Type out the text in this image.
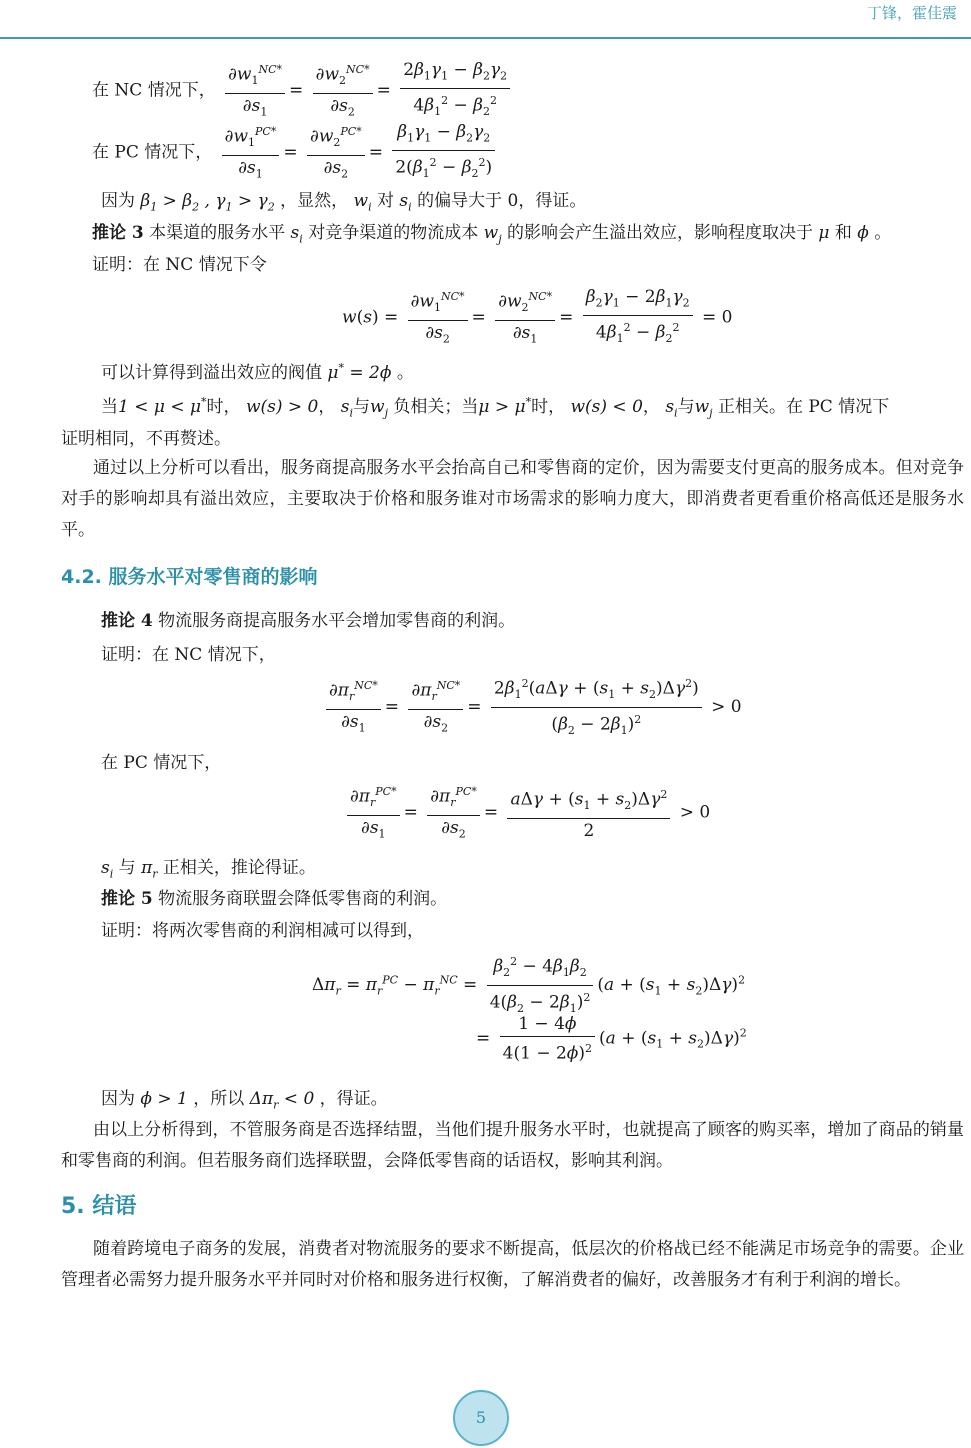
丁锋，霍佳震
在 NC 情况下， $\frac{\partial w_1^{NC*}}{\partial s_1} = \frac{\partial w_2^{NC*}}{\partial s_2} = \frac{2\beta_1\gamma_1 - \beta_2\gamma_2}{4\beta_1^2 - \beta_2^2}$
在 PC 情况下， $\frac{\partial w_1^{PC*}}{\partial s_1} = \frac{\partial w_2^{PC*}}{\partial s_2} = \frac{\beta_1\gamma_1 - \beta_2\gamma_2}{2(\beta_1^2 - \beta_2^2)}$
因为 $\beta_1 > \beta_2$ , $\gamma_1 > \gamma_2$ ，显然， $w_i$ 对 $s_i$ 的偏导大于 0，得证。
推论 3 本渠道的服务水平 $s_i$ 对竞争渠道的物流成本 $w_j$ 的影响会产生溢出效应，影响程度取决于 μ 和 ϕ 。
证明：在 NC 情况下令
$w(s) = \frac{\partial w_1^{NC*}}{\partial s_2} = \frac{\partial w_2^{NC*}}{\partial s_1} = \frac{\beta_2\gamma_1 - 2\beta_1\gamma_2}{4\beta_1^2 - \beta_2^2} = 0$
可以计算得到溢出效应的阀值 μ* = 2ϕ 。
当1 < μ < μ*时， w(s) > 0， $s_i$与$w_j$ 负相关；当μ > μ*时， w(s) < 0， $s_i$与$w_j$ 正相关。在 PC 情况下
证明相同，不再赘述。
通过以上分析可以看出，服务商提高服务水平会抬高自己和零售商的定价，因为需要支付更高的服务成本。但对竞争对手的影响却具有溢出效应，主要取决于价格和服务谁对市场需求的影响力度大，即消费者更看重价格高低还是服务水平。
4.2. 服务水平对零售商的影响
推论 4 物流服务商提高服务水平会增加零售商的利润。
证明：在 NC 情况下，
$\frac{\partial\pi_r^{NC*}}{\partial s_1} = \frac{\partial\pi_r^{NC*}}{\partial s_2} = \frac{2\beta_1^2(a\Delta\gamma + (s_1 + s_2)\Delta\gamma^2)}{(\beta_2 - 2\beta_1)^2} > 0$
在 PC 情况下，
$\frac{\partial\pi_r^{PC*}}{\partial s_1} = \frac{\partial\pi_r^{PC*}}{\partial s_2} = \frac{a\Delta\gamma + (s_1 + s_2)\Delta\gamma^2}{2} > 0$
$s_i$ 与 $\pi_r$ 正相关，推论得证。
推论 5 物流服务商联盟会降低零售商的利润。
证明：将两次零售商的利润相减可以得到，
$\Delta\pi_r = \pi_r^{PC} - \pi_r^{NC} = \frac{\beta_2^2 - 4\beta_1\beta_2}{4(\beta_2 - 2\beta_1)^2} (a + (s_1 + s_2)\Delta\gamma)^2$
= $\frac{1 - 4\phi}{4(1 - 2\phi)^2} (a + (s_1 + s_2)\Delta\gamma)^2$
因为 ϕ > 1 ，所以 $\Delta\pi_r < 0$ ，得证。
由以上分析得到，不管服务商是否选择结盟，当他们提升服务水平时，也就提高了顾客的购买率，增加了商品的销量和零售商的利润。但若服务商们选择联盟，会降低零售商的话语权，影响其利润。
5. 结语
随着跨境电子商务的发展，消费者对物流服务的要求不断提高，低层次的价格战已经不能满足市场竞争的需要。企业管理者必需努力提升服务水平并同时对价格和服务进行权衡，了解消费者的偏好，改善服务才有利于利润的增长。
5
